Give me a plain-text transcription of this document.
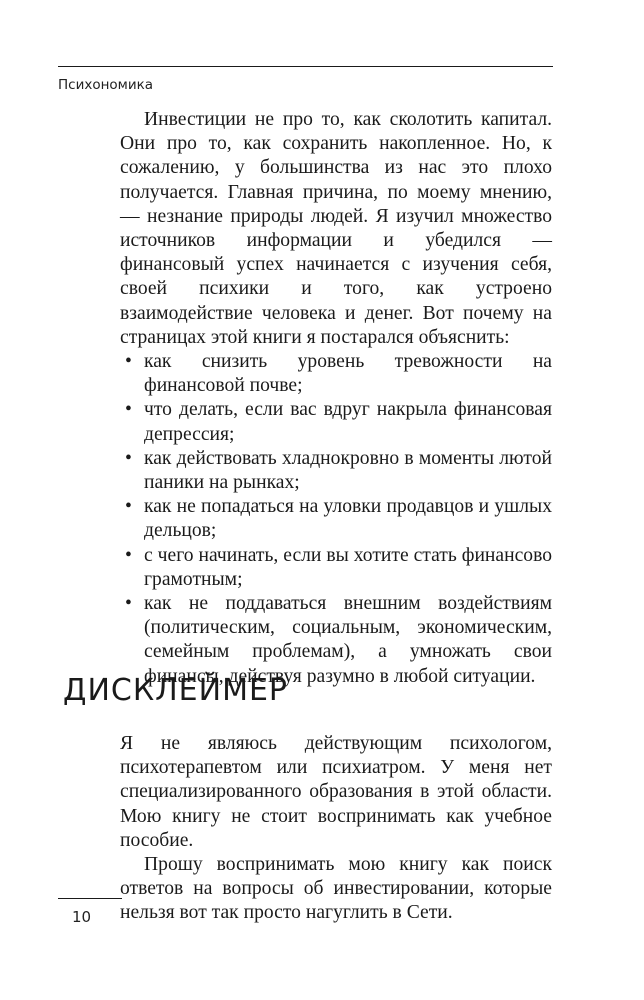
Психономика

Инвестиции не про то, как сколотить капитал. Они про то, как сохранить накопленное. Но, к сожалению, у большинства из нас это плохо получается. Главная причина, по моему мнению, — незнание природы людей. Я изучил множество источников информации и убедился — финансовый успех начинается с изучения себя, своей психики и того, как устроено взаимодействие человека и денег. Вот почему на страницах этой книги я постарался объяснить:

• как снизить уровень тревожности на финансовой почве;
• что делать, если вас вдруг накрыла финансовая депрессия;
• как действовать хладнокровно в моменты лютой паники на рынках;
• как не попадаться на уловки продавцов и ушлых дельцов;
• с чего начинать, если вы хотите стать финансово грамотным;
• как не поддаваться внешним воздействиям (политическим, социальным, экономическим, семейным проблемам), а умножать свои финансы, действуя разумно в любой ситуации.
ДИСКЛЕЙМЕР

Я не являюсь действующим психологом, психотерапевтом или психиатром. У меня нет специализированного образования в этой области. Мою книгу не стоит воспринимать как учебное пособие.

Прошу воспринимать мою книгу как поиск ответов на вопросы об инвестировании, которые нельзя вот так просто нагуглить в Сети.

10
